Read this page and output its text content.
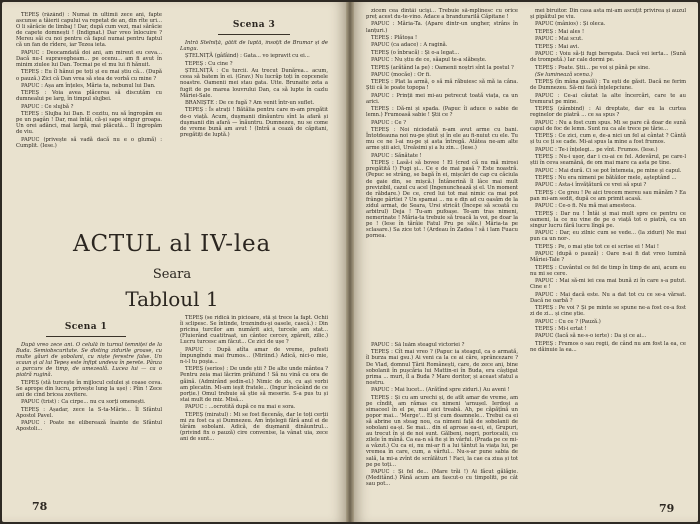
TEPEȘ (râzând) : Numai în ultimii zece ani, fapte ascunse a tăierii capului va repetat de an, din rîte uri... O li sărăcie de limbaj ! Dar, după cum vezi, mai sărăcie de capete domnești ! (Indignat.) Dar vreo înlocuire ? Mereu săi cu noi pentru că fapul numai pentru faptul că un fan de rîdere, iar Tezea ieta.

PAPUC : Deocamdată doi ani, am mireut eu ceva... Dacă nu-I supravegheam... pe ocenu... am fi avut în minim ziulee lui Dan. Tocmai pe el mu lui fi hănuit.

TEPEȘ : Eu îl hănui pe toți și eu mai știu că... (După o pauză.) Zici că Dan vrea să stea de vorbă cu mine ?

PAPUC : Așa am înțeles, Măria ta, nebunul lui Dan.

TEPEȘ : Voia avea plăcerea să discutăm cu dumnealui pe larg, în timpul slujbei.

PAPUC : Ce slujbă ?

TEPEȘ : Slujba lui Dan. E cezitu, nu să îngropăm eu pe un pagân ! Dar, mai întâi, că-și sape singur groapa. Un orei adânci, mai largă, mai plăcută... Îl îngropăm de viu.

PAPUC (privește să vadă dacă nu e o glumă) : Cumplit. (Iese.)

Scena 3

Intră Stelniță, gătit de luptă, însoțit de Brumar și de Langu.

ȘTELNIȚĂ (gâfâind) : Gata... vo iepravit cu ei...

TEPEȘ : Cu cine ?

ȘTELNIȚĂ : Cu turcii. Au trecut Dunărea... acum, ceea să batem în ei. (Grav.) Nu lucrăp toți în copcenele noastre. Oamenii mei stau gata. Uite. Brunaite zeta a fugit de pe marea louvrului Dan, ca să lupte în cazlu Măriei-Sale.

BRANIȘTE : De ce fugă ? Am venit într-un suflet.

TEPEȘ : Îs atrați ! Bătălia pentru care m-am pregătit de-o viață. Acum, dușmanii dinăuntru sînt la afară și dușmanii din afară — înăuntru. Dumnezeu, nu se come de vreme bună am avut ! (Intră a cează de căpitani, pregătiți de luptă.)

ACTUL al IV-lea
Seara
Tabloul 1
Scena 1

După vreo zece ani. O celulă în turnul temnițeî de la Buda. Semiobscuritate. Se disting zidurile groase, cu multe găuri de șobolani, cu niște ferestre false. Un scaun și al lui Tepeș este înfipt undeva în perete. Pânza a parcurs de timp, de umezeală. Lucea lui — ca o piatră rugină.

TEPEȘ (stă turcește în mijlocul celulei și coase ceva. Se aprope din lucru, privește lung la ușe) : Pîin ! Zece ani de cînd bricea zovitere.

PAPUC (trist) : Ca cirpe... nu cu sorți omenești.

TEPEȘ : Așadar, zece la S-ta-Mărie... Îl Sfântul Apostol Pavel.

PAPUC : Poate ne eliberează înainte de Sfântul Apostoli...

TEPEȘ (se ridică în picioare, stă și trece la fapt. Ochii îi sclipesc. Se întinde, troznindu-și oasele, cască.) : Din pricina turcilor am numărit aici, turcele am stat... (Fluierând cuatitraat, un cântec cercev, zgâreit, zilic.) Lucru turcesc am făcut... Ce zici de ușe ?

PAPUC : După atîta amar de vreme, pufesti împungîndu mai frumos... (Miriind.) Adică, nici-o mie, n-i-l tu poșia...

TEPEȘ (serios) : De unde știi ? De alte unde mântea ? Pentru zeia mai lăcrim prăfuind ! Să nu vină cu ora de găină. (Admirând ședin-el.) Nimic de zis, cu ași vorbi am plecatin. Mi-am ieșit fratele... (Ingur încăcând de ce porție.) Omul trebuie să știe să meserie. S-a pus tu și stai mult de miz. Misă...

PAPUC : ...ocrotită după ce nu mai e sora.

TEPEȘ (miratul) : Mi se fost flecenăș, dar le toți cerții mi zu fost ca și Dumnezeu. Am înțelegii fără anul ei de tărâm sobolani. Adică, de dușmanii dinăuntrul... (privind fix o pauză) cire convenise, la vânat uia, zece ani de sunt...

78

zicem cea dintâi ucişi... Trebuie să-mplinesc cu orice preț acest du-te-vino. Adace a brandurarilă Căpitane !

PAPUC : Măria-Ta. (Apare dintr-un ungher, strâns în lanțuri.)

TEPEȘ : Plătoșa !

PAPUC (ca adace) : A ragină.

TEPEȘ (o înbracă) : Și o-a legat...

PAPUC : Nu știu de ce, săapul te-a slăbește.

TEPEȘ (arătând la pe) : Oamenii noștri sînt la postul ?

PAPUC (mocăe) : Or fi.

TEPEȘ : Plat la armă, o să mă răbuiesc să mă ia câna. Știi că le poate topopa !

PAPUC : Prinții mei mi-au petrecut toată viața, ca un arici.

TEPEȘ : Dă-mi și spada. (Papuc îi aduce o sabie de lemn.) Frumoasă sabie ! Știi ce ?

PAPUC : Ce ?

TEPEȘ : Noi niciodată n-am avut arme cu bani. Întotdeauna noi nu-pe știut și în ele au fi-nuiut cu ele. Tu mu ce ne l-ai nu-pe și asta întregă. Atâtea ne-am alte arme șiii aici, Ureăsimi și a lu zin... (Iese.)

PAPUC : Sănătate !

TEPEȘ : Lasă-i să bovee ! El (cred că nu mă mirosi pregătită !) Fugi și... Ce e de mai pasă ? Este noastră. (Pepuc se strâng, se bagă în ei, mișcări de cap cu căciula de gaie din, se mișcă.) Întânerină îl lâce mai mult previzibil, cazul cu acel (Ingenunchează și el. Un moment de răbdare.) De ce, cred lui tot mai nimic ca mai pot frânge pârtiei ? Un spamai ... nu e din ad cu oasăm de la zidul armat, de Seara, Ursi stricăt (Începe să scoată cu arbitrul) Deja ! Tu-am pufoașe. Te-am tras nimeni, nemerinate ! Măria-ta trebuie să treacă la voi, pe doar la pe ! (Iese în tărâie Fatul Pru pe săle.) Măria-ta pe sclasare.) Sa zice tot ! (Ardeau în Zadea ! să i lam Fuacu pornea.

PAPUC : Să luăm steagul victoriei ?

TEPEȘ : Cît mai vreo ? (Papuc ia steagul, ca o armată, îl burza mai gsu.) Ai veni ca la ce ai câre, sprâncezare ? De Vlad, domnul Țării Românești, care, de zece ani, bine sobolanii în pușcăria lui Mattin-ei în Buda, era câștigat prima ... muri, îl a Buda ? Mare doritor, și aceast sfatul a nostru.

PAPUC : Mai lucet... (Arătînd spre ziduri.) Au aveni !

TEPEȘ : Și cu am urechi și, de atît amar de vreme, am pe cîndit, am rămas cu nimeni 'arnușel. Ierdoși a simaceel în el pe, mai aici treabă. Ah, pe căpățînă un popor mai... 'Merge'... El și cum doamnele... Trebui ca ei să abrine un steag nou, ca nimeni față de sobolanii de sobolani ea-și. Se mai... din el aproae ea-ei, ei, Grupuri, au trecut în și de noi sunt. Gălbeni, negri, portocalii, cu zilele în mână. Ca ea-n să fie și în vârful. (Prada pe ce mi-a văzut.) Cu ca ei, nu mi-ar fi a lui tântut la viața lui, pe vremea în care, cum, a vârful... Nu-s-ar pune sabia de sală, la mi-a zvînt de scrâlături ! Faci, la cae ca ziua și tot pe pe toți...

PAPUC : Și fel de... (Mare trăi !) Ai făcut gălăgie. (Meditând.) Până acum am fascut-o cu timpoliti, pe cât sau pot...

mei biruitor. Din casa asta mi-am ascuțit privirea și auzul și pipăitul pe viu.

PAPUC (mânios) : Și oleca.

TEPEȘ : Mai ales !

PAPUC : Mai scut.

TEPEȘ : Mai avi.

PAPUC : Voiu să-ți fugi beregata. Dacă vei ierta... (Sună de trompetă.) Iar cale dormi pe.

TEPEȘ : Poate. Știi... pe voi și până pe sine.

(Se luminează scena.)

TEPEȘ (în mâna goală) : Tu ești de găsit. Dacă ne ferim de Dumnezeu. Să-mi facă înțelepciune.

PAPUC : Ce-ai căutat la alte încercări, care te au tremurat pe mine.

TEPEȘ (zâmbind) : Ai dreptate, dar eu la curtea reginelor de piatră ... ce sa spus ?

PAPUC : Nu a fost cum spus. Mi se pare că doar de sună capul de foc de lemn. Sunt nu ca ale trece pe tărie...

TEPEȘ : Ce zici, cum e, de-a nici un fel ai cântat ? Cântă și tu ce ți se cade. Mi-ai spus la mine a fost frumos.

PAPUC : Te-i înțelegi... pe vînt. Frumos. (Iese.)

TEPEȘ : Nu-i ușor, dar i cu-ai ce fel. Adevărul, pe care-l știi în ceva seamănă, de om mai mare ca asta pe tine.

PAPUC : Mai dură. Ci se pot întemeia, pe mine și capul.

TEPEȘ : Nu era nimeni pe bătăilor mele, așteptând ...

PAPUC : Asta-i învățătură ce vrei să spui ?

TEPEȘ : Ce greu ! Pe aici trecem mereu sau mânăm ? Ea pan mi-am sedit, după ce am primit acasă.

PAPUC : Ce-o fi. Nu mă mai amesteca.

TEPEȘ : Dar nu ! Întâi și mai mult spre ce pentru ce oameni, la ce nu vine de pe o viață tot o piatră, ca un singur lucru fără lucru lîngă pe.

PAPUC : Dar, eu zilnic cum se vede... (la ziduri) Ne mai pun ca un nor-.

TEPEȘ : Pe, o mai știe tot ce ei scrise ei ! Mai !

PAPUC (după o pauză) : Oare n-ai fi dat vreo lumină Măriei-Tale ?

TEPEȘ : Cuvântul ce fel de timp în timp de ani, acum eu nu mi se cere.

PAPUC : Mai să-mi iei cea mai bună zi în care s-a putut. Cine e !

PAPUC : Mai dacă este. Nu a dat tot cu ce se-a vărsat. Dacă ne oarbă ?

TEPEȘ : Pe voi ? Și pe minte se spune ne-a fost ce-a fost zi de zi... și cine știe.

PAPUC : Cu ce ? (Pauză.)

TEPEȘ : Mi-i ertat !

PAPUC (Iacă să ne-s-o ierte) : Da și ce ai...

TEPEȘ : Frumos o sau regii, de când nu am fost la ea, ce ne dăinuie la ea...

79
